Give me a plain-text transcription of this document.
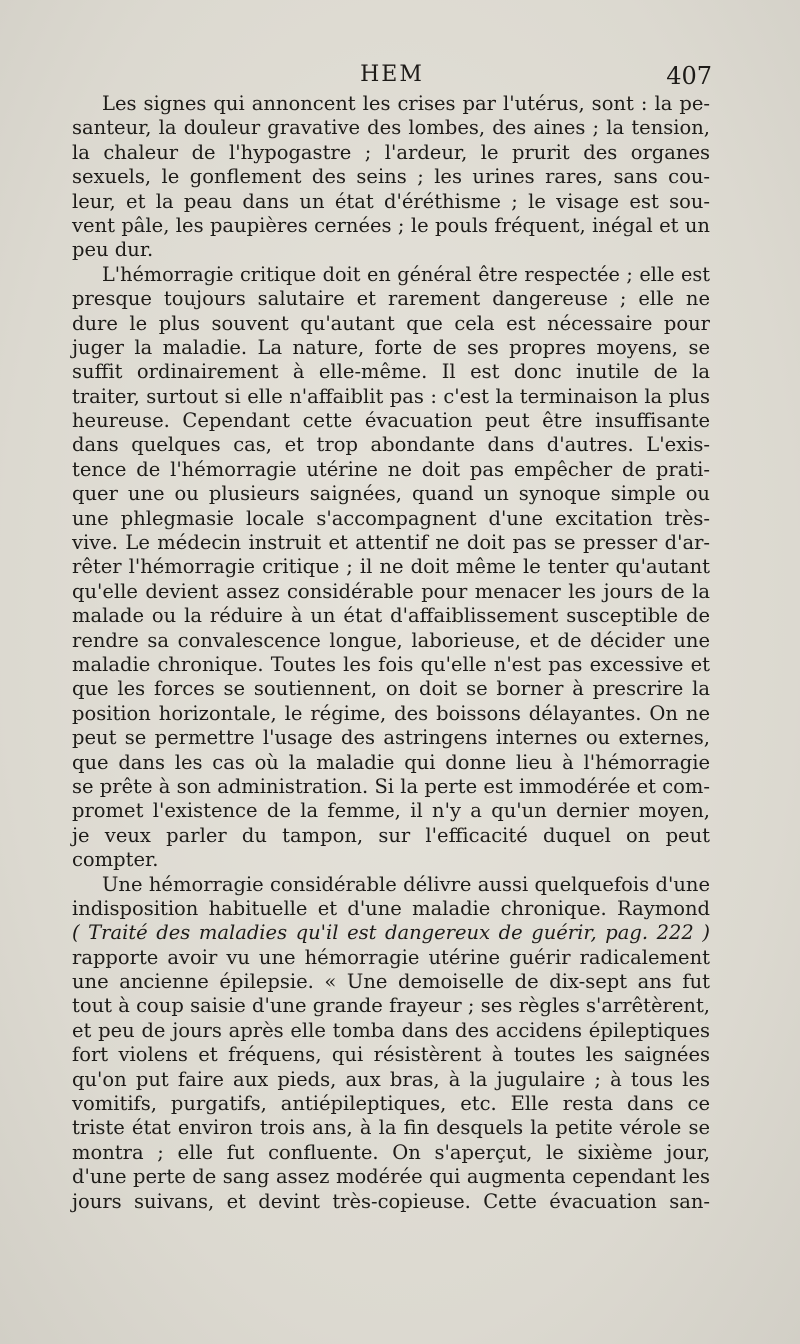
HEM	407
Les signes qui annoncent les crises par l'utérus, sont : la pe-
santeur, la douleur gravative des lombes, des aines ; la tension,
la chaleur de l'hypogastre ; l'ardeur, le prurit des organes
sexuels, le gonflement des seins ; les urines rares, sans cou-
leur, et la peau dans un état d'éréthisme ; le visage est sou-
vent pâle, les paupières cernées ; le pouls fréquent, inégal et un
peu dur.
L'hémorragie critique doit en général être respectée ; elle est
presque toujours salutaire et rarement dangereuse ; elle ne
dure le plus souvent qu'autant que cela est nécessaire pour
juger la maladie. La nature, forte de ses propres moyens, se
suffit ordinairement à elle-même. Il est donc inutile de la
traiter, surtout si elle n'affaiblit pas : c'est la terminaison la plus
heureuse. Cependant cette évacuation peut être insuffisante
dans quelques cas, et trop abondante dans d'autres. L'exis-
tence de l'hémorragie utérine ne doit pas empêcher de prati-
quer une ou plusieurs saignées, quand un synoque simple ou
une phlegmasie locale s'accompagnent d'une excitation très-
vive. Le médecin instruit et attentif ne doit pas se presser d'ar-
rêter l'hémorragie critique ; il ne doit même le tenter qu'autant
qu'elle devient assez considérable pour menacer les jours de la
malade ou la réduire à un état d'affaiblissement susceptible de
rendre sa convalescence longue, laborieuse, et de décider une
maladie chronique. Toutes les fois qu'elle n'est pas excessive et
que les forces se soutiennent, on doit se borner à prescrire la
position horizontale, le régime, des boissons délayantes. On ne
peut se permettre l'usage des astringens internes ou externes,
que dans les cas où la maladie qui donne lieu à l'hémorragie
se prête à son administration. Si la perte est immodérée et com-
promet l'existence de la femme, il n'y a qu'un dernier moyen,
je veux parler du tampon, sur l'efficacité duquel on peut
compter.
Une hémorragie considérable délivre aussi quelquefois d'une
indisposition habituelle et d'une maladie chronique. Raymond
( Traité des maladies qu'il est dangereux de guérir, pag. 222 )
rapporte avoir vu une hémorragie utérine guérir radicalement
une ancienne épilepsie. « Une demoiselle de dix-sept ans fut
tout à coup saisie d'une grande frayeur ; ses règles s'arrêtèrent,
et peu de jours après elle tomba dans des accidens épileptiques
fort violens et fréquens, qui résistèrent à toutes les saignées
qu'on put faire aux pieds, aux bras, à la jugulaire ; à tous les
vomitifs, purgatifs, antiépileptiques, etc. Elle resta dans ce
triste état environ trois ans, à la fin desquels la petite vérole se
montra ; elle fut confluente. On s'aperçut, le sixième jour,
d'une perte de sang assez modérée qui augmenta cependant les
jours suivans, et devint très-copieuse. Cette évacuation san-
